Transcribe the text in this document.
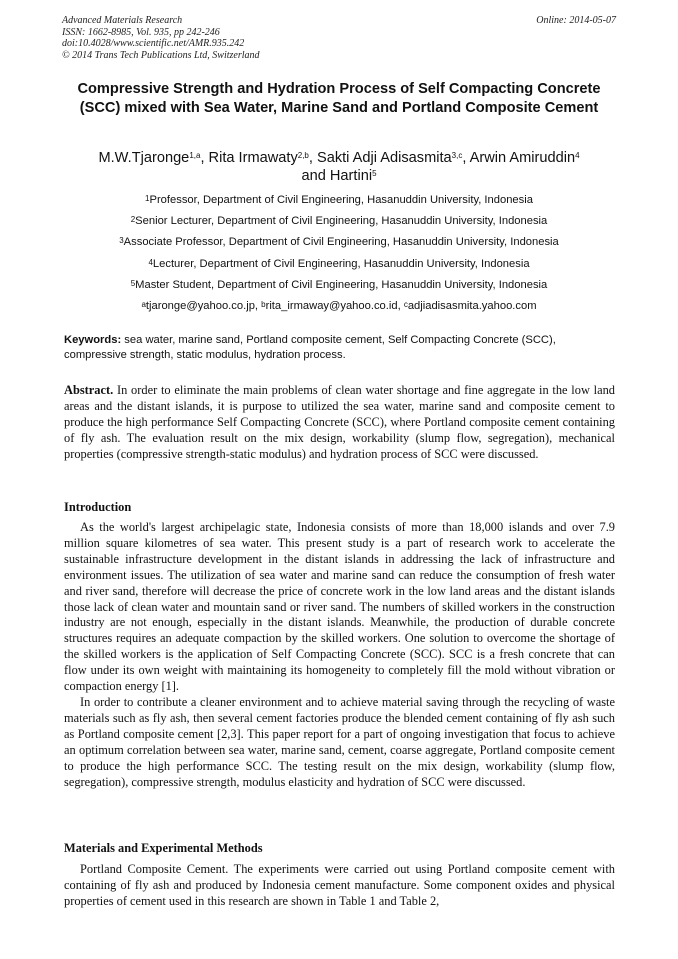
Advanced Materials Research
ISSN: 1662-8985, Vol. 935, pp 242-246
doi:10.4028/www.scientific.net/AMR.935.242
© 2014 Trans Tech Publications Ltd, Switzerland
Online: 2014-05-07
Compressive Strength and Hydration Process of Self Compacting Concrete (SCC) mixed with Sea Water, Marine Sand and Portland Composite Cement
M.W.Tjaronge$^{1,a}$, Rita Irmawaty$^{2,b}$, Sakti Adji Adisasmita$^{3,c}$, Arwin Amiruddin$^4$
and Hartini$^5$
$^1$Professor, Department of Civil Engineering, Hasanuddin University, Indonesia
$^2$Senior Lecturer, Department of Civil Engineering, Hasanuddin University, Indonesia
$^3$Associate Professor, Department of Civil Engineering, Hasanuddin University, Indonesia
$^4$Lecturer, Department of Civil Engineering, Hasanuddin University, Indonesia
$^5$Master Student, Department of Civil Engineering, Hasanuddin University, Indonesia
$^a$tjaronge@yahoo.co.jp, $^b$rita_irmaway@yahoo.co.id, $^c$adjiadisasmita.yahoo.com
Keywords: sea water, marine sand, Portland composite cement, Self Compacting Concrete (SCC), compressive strength, static modulus, hydration process.
Abstract. In order to eliminate the main problems of clean water shortage and fine aggregate in the low land areas and the distant islands, it is purpose to utilized the sea water, marine sand and composite cement to produce the high performance Self Compacting Concrete (SCC), where Portland composite cement containing of fly ash. The evaluation result on the mix design, workability (slump flow, segregation), mechanical properties (compressive strength-static modulus) and hydration process of SCC were discussed.
Introduction

As the world's largest archipelagic state, Indonesia consists of more than 18,000 islands and over 7.9 million square kilometres of sea water. This present study is a part of research work to accelerate the sustainable infrastructure development in the distant islands in addressing the lack of infrastructure and environment issues. The utilization of sea water and marine sand can reduce the consumption of fresh water and river sand, therefore will decrease the price of concrete work in the low land areas and the distant islands those lack of clean water and mountain sand or river sand. The numbers of skilled workers in the construction industry are not enough, especially in the distant islands. Meanwhile, the production of durable concrete structures requires an adequate compaction by the skilled workers. One solution to overcome the shortage of the skilled workers is the application of Self Compacting Concrete (SCC). SCC is a fresh concrete that can flow under its own weight with maintaining its homogeneity to completely fill the mold without vibration or compaction energy [1].

In order to contribute a cleaner environment and to achieve material saving through the recycling of waste materials such as fly ash, then several cement factories produce the blended cement containing of fly ash such as Portland composite cement [2,3]. This paper report for a part of ongoing investigation that focus to achieve an optimum correlation between sea water, marine sand, cement, coarse aggregate, Portland composite cement to produce the high performance SCC. The testing result on the mix design, workability (slump flow, segregation), compressive strength, modulus elasticity and hydration of SCC were discussed.

Materials and Experimental Methods

Portland Composite Cement. The experiments were carried out using Portland composite cement with containing of fly ash and produced by Indonesia cement manufacture. Some component oxides and physical properties of cement used in this research are shown in Table 1 and Table 2,
